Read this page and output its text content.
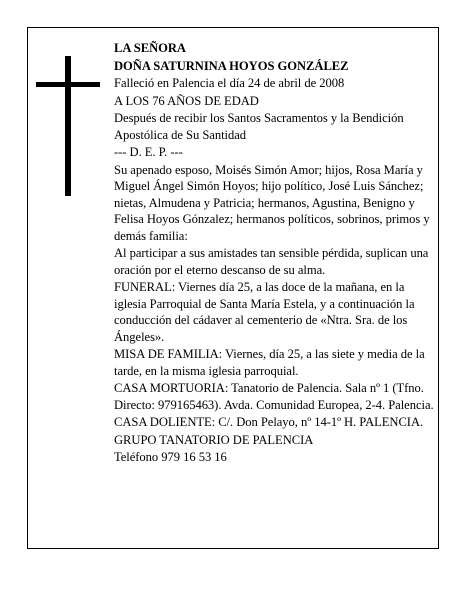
LA SEÑORA

DOÑA SATURNINA HOYOS GONZÁLEZ

Falleció en Palencia el día 24 de abril de 2008

A LOS 76 AÑOS DE EDAD

Después de recibir los Santos Sacramentos y la Bendición Apostólica de Su Santidad

--- D. E. P. ---

Su apenado esposo, Moisés Simón Amor; hijos, Rosa María y Miguel Ángel Simón Hoyos; hijo político, José Luis Sánchez; nietas, Almudena y Patricia; hermanos, Agustina, Benigno y Felisa Hoyos Gónzalez; hermanos políticos, sobrinos, primos y demás familia:

Al participar a sus amistades tan sensible pérdida, suplican una oración por el eterno descanso de su alma.

FUNERAL: Viernes día 25, a las doce de la mañana, en la iglesia Parroquial de Santa María Estela, y a continuación la conducción del cádaver al cementerio de «Ntra. Sra. de los Ángeles».

MISA DE FAMILIA: Viernes, día 25, a las siete y media de la tarde, en la misma iglesia parroquial.

CASA MORTUORIA: Tanatorio de Palencia. Sala nº 1 (Tfno. Directo: 979165463). Avda. Comunidad Europea, 2-4. Palencia.

CASA DOLIENTE: C/. Don Pelayo, nº 14-1º H. PALENCIA.

GRUPO TANATORIO DE PALENCIA

Teléfono 979 16 53 16
